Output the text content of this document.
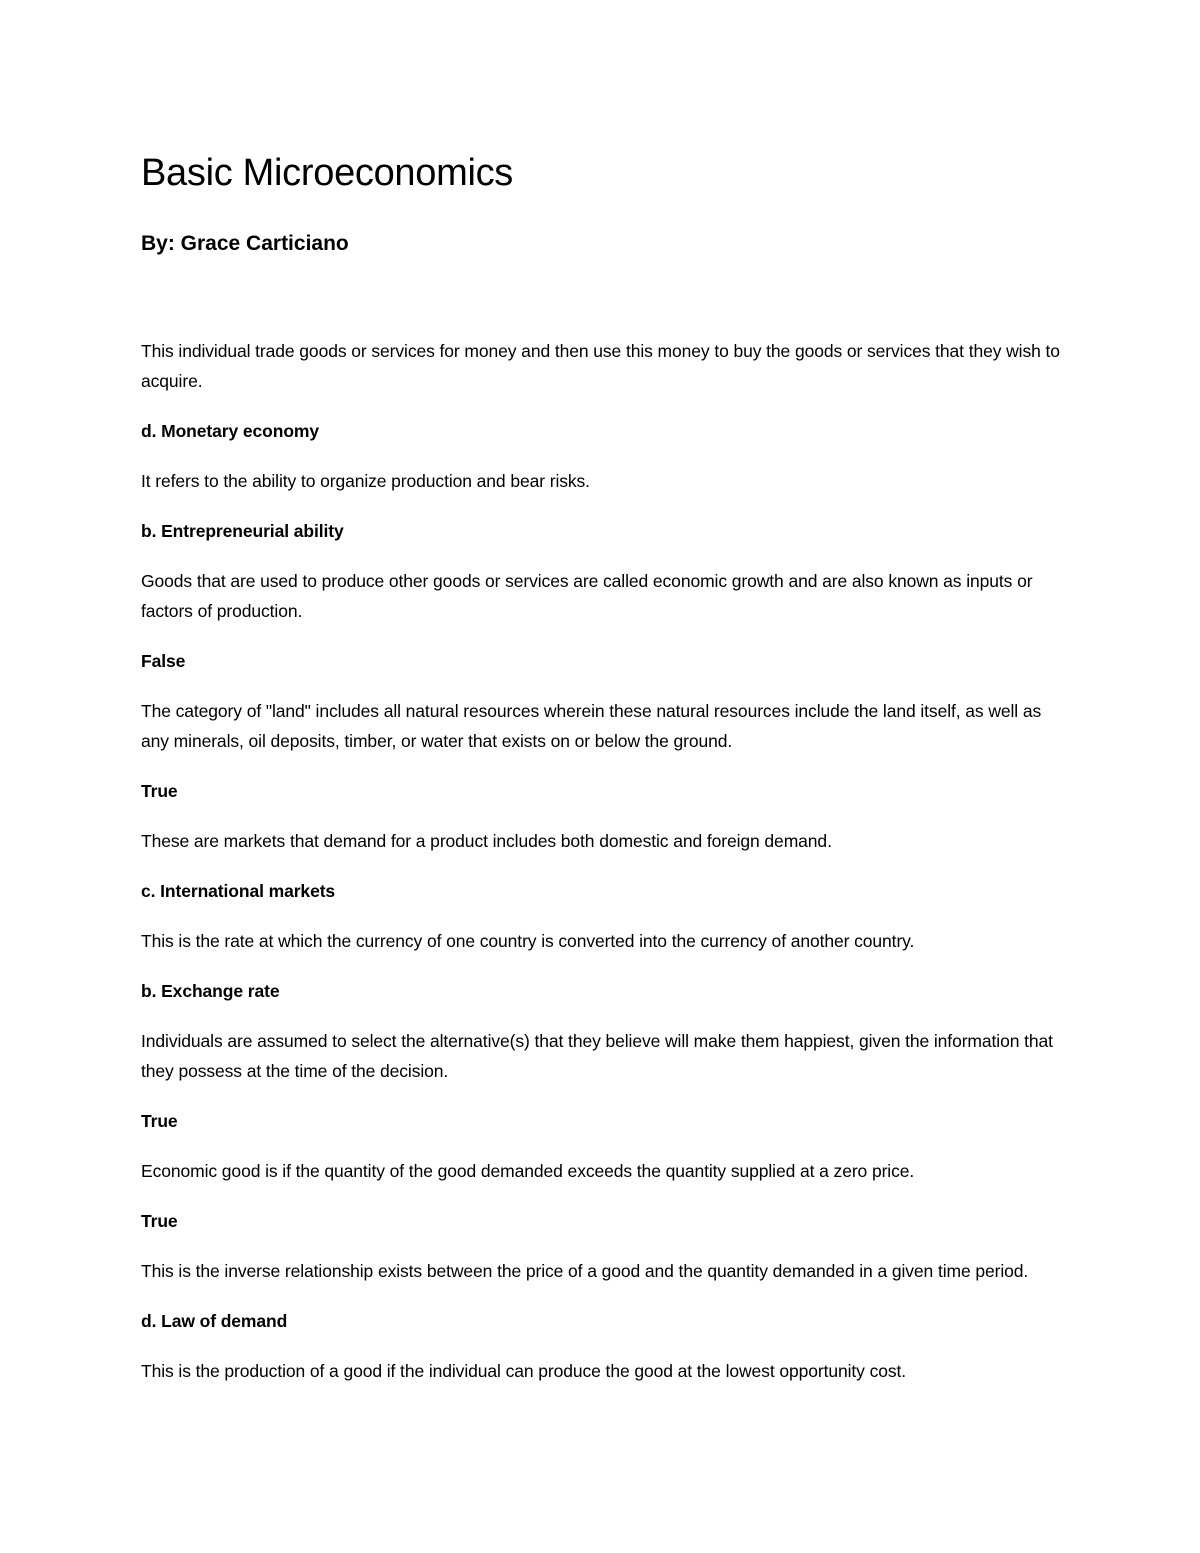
Basic Microeconomics
By: Grace Carticiano

This individual trade goods or services for money and then use this money to buy the goods or services that they wish to acquire.

d. Monetary economy

It refers to the ability to organize production and bear risks.

b. Entrepreneurial ability

Goods that are used to produce other goods or services are called economic growth and are also known as inputs or factors of production.

False

The category of "land" includes all natural resources wherein these natural resources include the land itself, as well as any minerals, oil deposits, timber, or water that exists on or below the ground.

True

These are markets that demand for a product includes both domestic and foreign demand.

c. International markets

This is the rate at which the currency of one country is converted into the currency of another country.

b. Exchange rate

Individuals are assumed to select the alternative(s) that they believe will make them happiest, given the information that they possess at the time of the decision.

True

Economic good is if the quantity of the good demanded exceeds the quantity supplied at a zero price.

True

This is the inverse relationship exists between the price of a good and the quantity demanded in a given time period.

d. Law of demand

This is the production of a good if the individual can produce the good at the lowest opportunity cost.
